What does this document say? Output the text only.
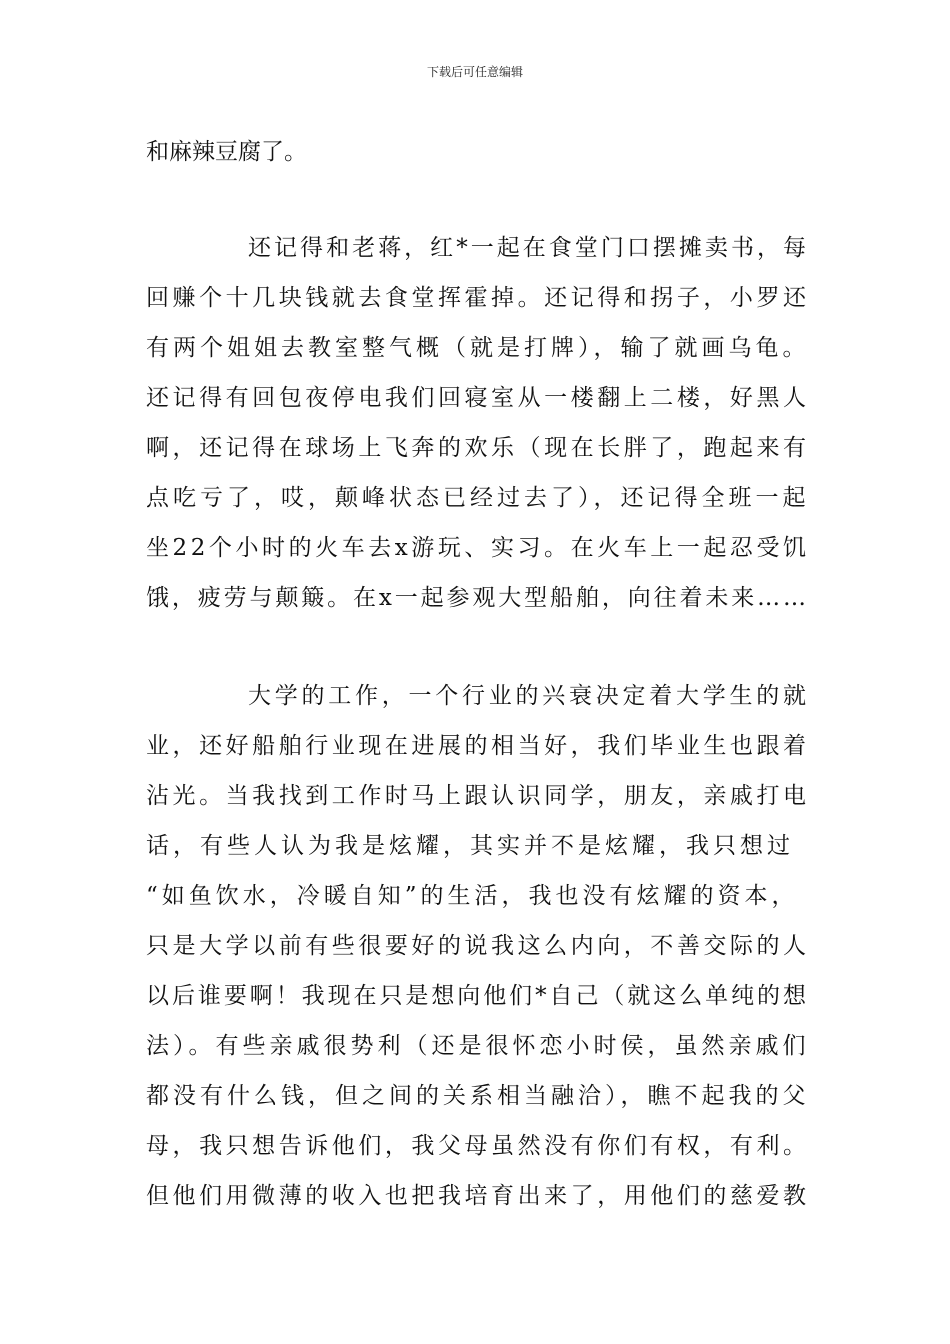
下载后可任意编辑
和麻辣豆腐了。
还记得和老蒋，红*一起在食堂门口摆摊卖书，每
回赚个十几块钱就去食堂挥霍掉。还记得和拐子，小罗还
有两个姐姐去教室整气概（就是打牌），输了就画乌龟。
还记得有回包夜停电我们回寝室从一楼翻上二楼，好黑人
啊，还记得在球场上飞奔的欢乐（现在长胖了，跑起来有
点吃亏了，哎，颠峰状态已经过去了），还记得全班一起
坐22个小时的火车去x游玩、实习。在火车上一起忍受饥
饿，疲劳与颠簸。在x一起参观大型船舶，向往着未来……
大学的工作，一个行业的兴衰决定着大学生的就
业，还好船舶行业现在进展的相当好，我们毕业生也跟着
沾光。当我找到工作时马上跟认识同学，朋友，亲戚打电
话，有些人认为我是炫耀，其实并不是炫耀，我只想过
“如鱼饮水，冷暖自知”的生活，我也没有炫耀的资本，
只是大学以前有些很要好的说我这么内向，不善交际的人
以后谁要啊！我现在只是想向他们*自己（就这么单纯的想
法）。有些亲戚很势利（还是很怀恋小时侯，虽然亲戚们
都没有什么钱，但之间的关系相当融洽），瞧不起我的父
母，我只想告诉他们，我父母虽然没有你们有权，有利。
但他们用微薄的收入也把我培育出来了，用他们的慈爱教
